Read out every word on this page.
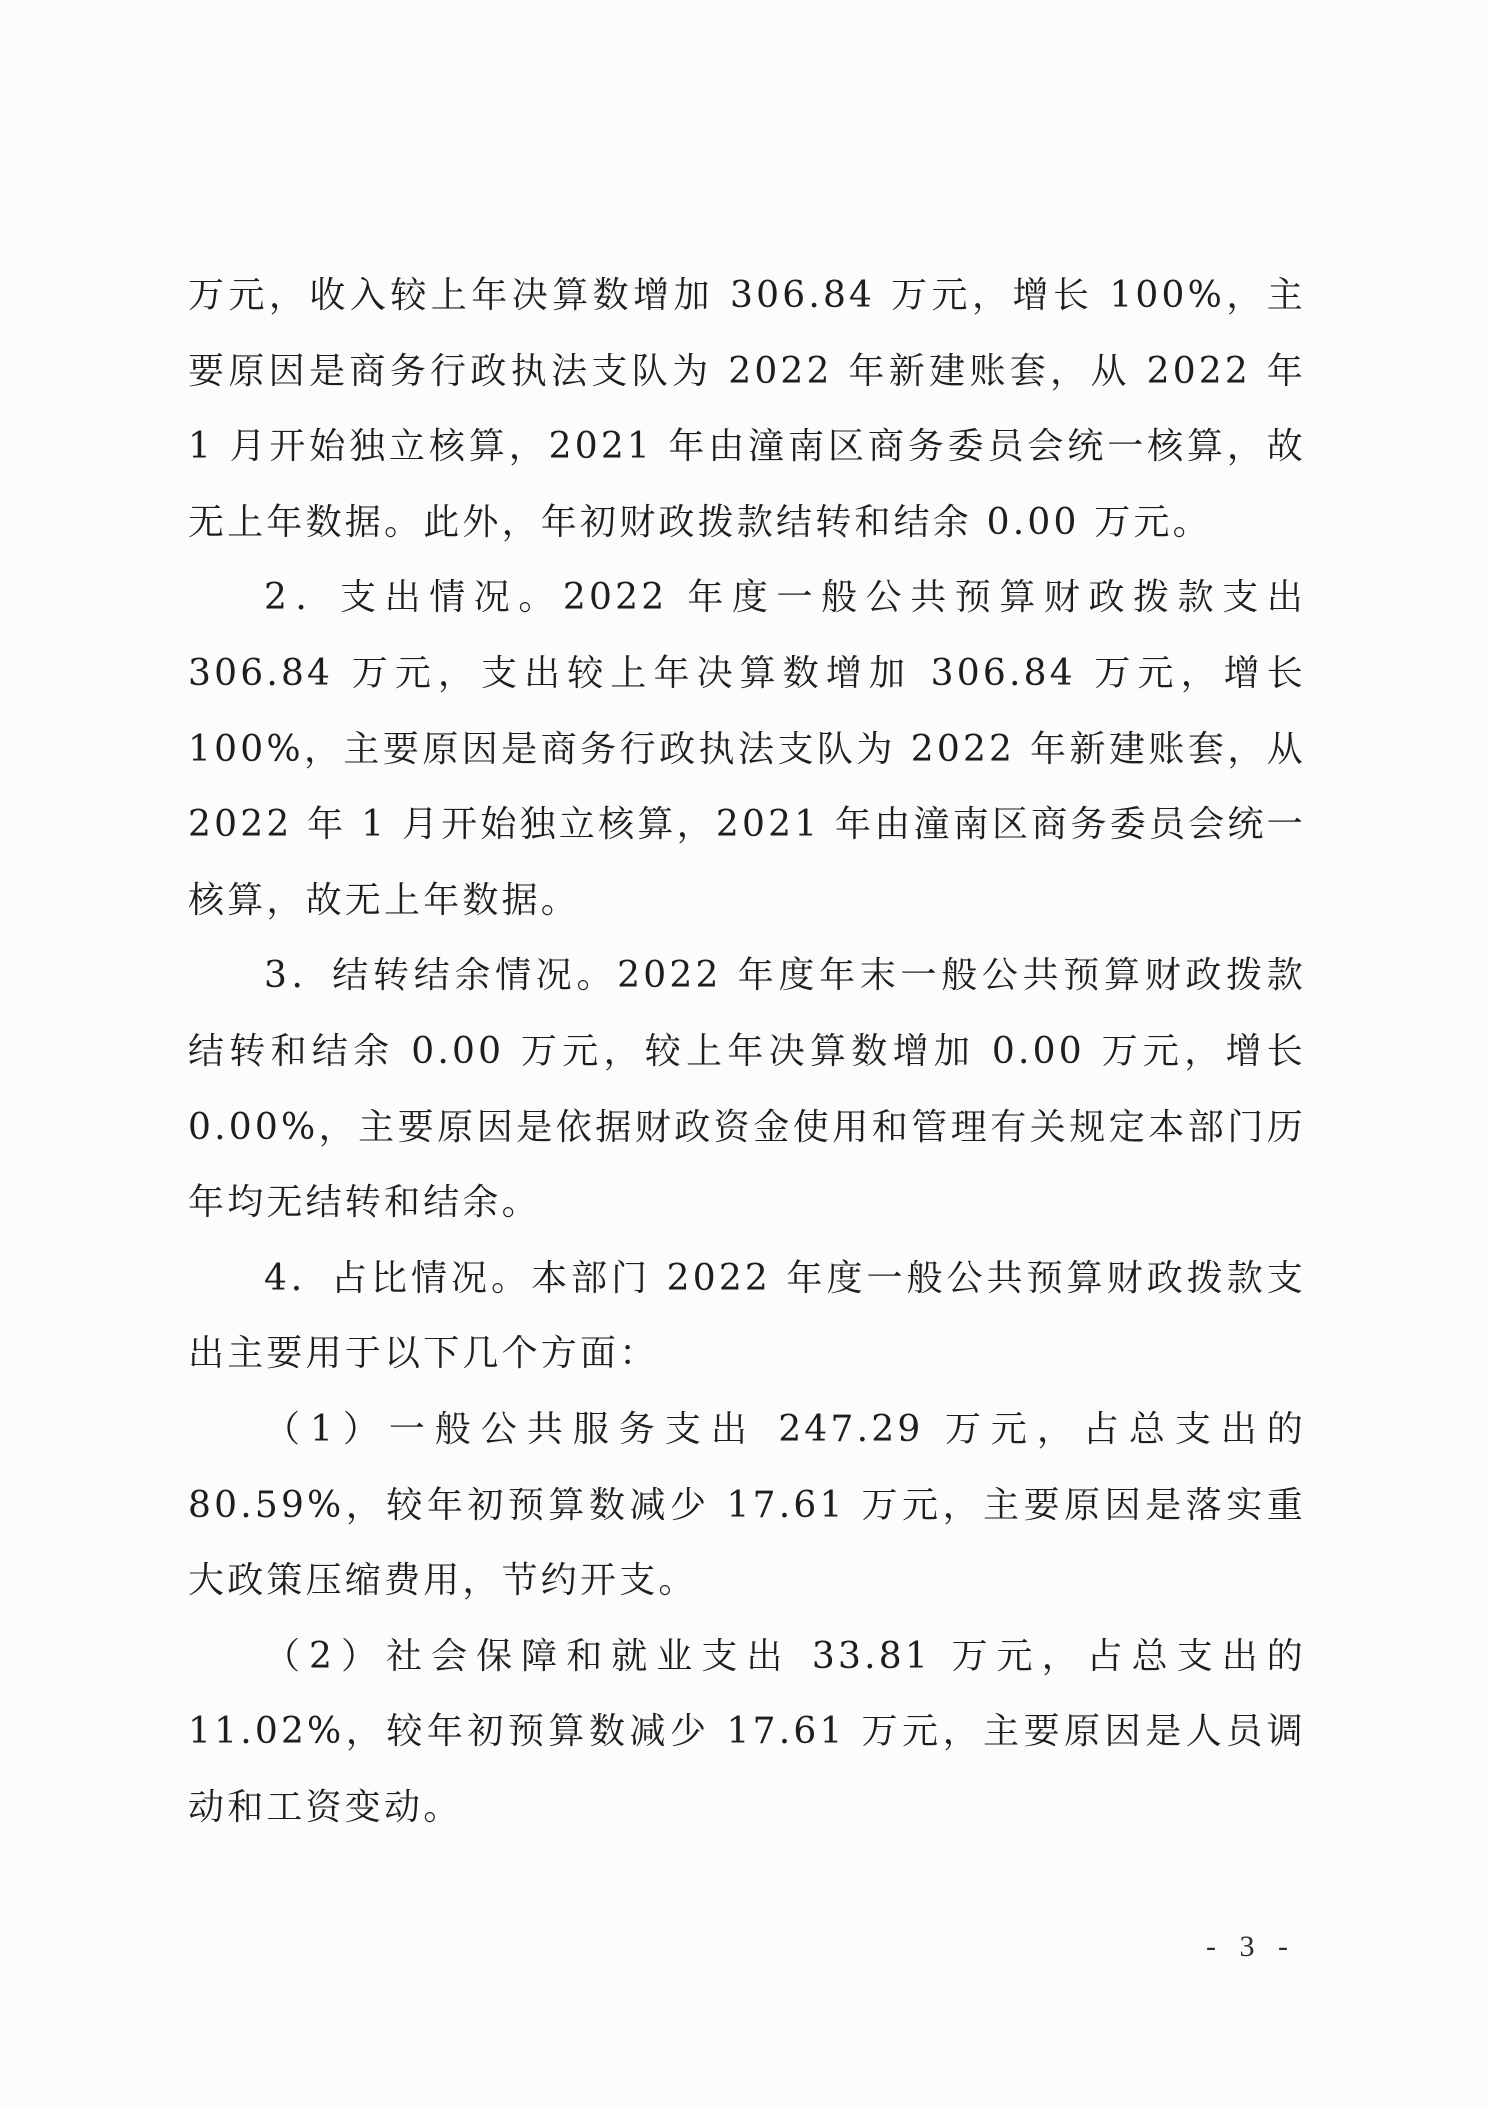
万元，收入较上年决算数增加 306.84 万元，增长 100%，主要原因是商务行政执法支队为 2022 年新建账套，从 2022 年 1 月开始独立核算，2021 年由潼南区商务委员会统一核算，故无上年数据。此外，年初财政拨款结转和结余 0.00 万元。

2．支出情况。2022 年度一般公共预算财政拨款支出 306.84 万元，支出较上年决算数增加 306.84 万元，增长 100%，主要原因是商务行政执法支队为 2022 年新建账套，从 2022 年 1 月开始独立核算，2021 年由潼南区商务委员会统一核算，故无上年数据。

3．结转结余情况。2022 年度年末一般公共预算财政拨款结转和结余 0.00 万元，较上年决算数增加 0.00 万元，增长 0.00%，主要原因是依据财政资金使用和管理有关规定本部门历年均无结转和结余。

4．占比情况。本部门 2022 年度一般公共预算财政拨款支出主要用于以下几个方面：

（1）一般公共服务支出 247.29 万元，占总支出的 80.59%，较年初预算数减少 17.61 万元，主要原因是落实重大政策压缩费用，节约开支。

（2）社会保障和就业支出 33.81 万元，占总支出的 11.02%，较年初预算数减少 17.61 万元，主要原因是人员调动和工资变动。

- 3 -
